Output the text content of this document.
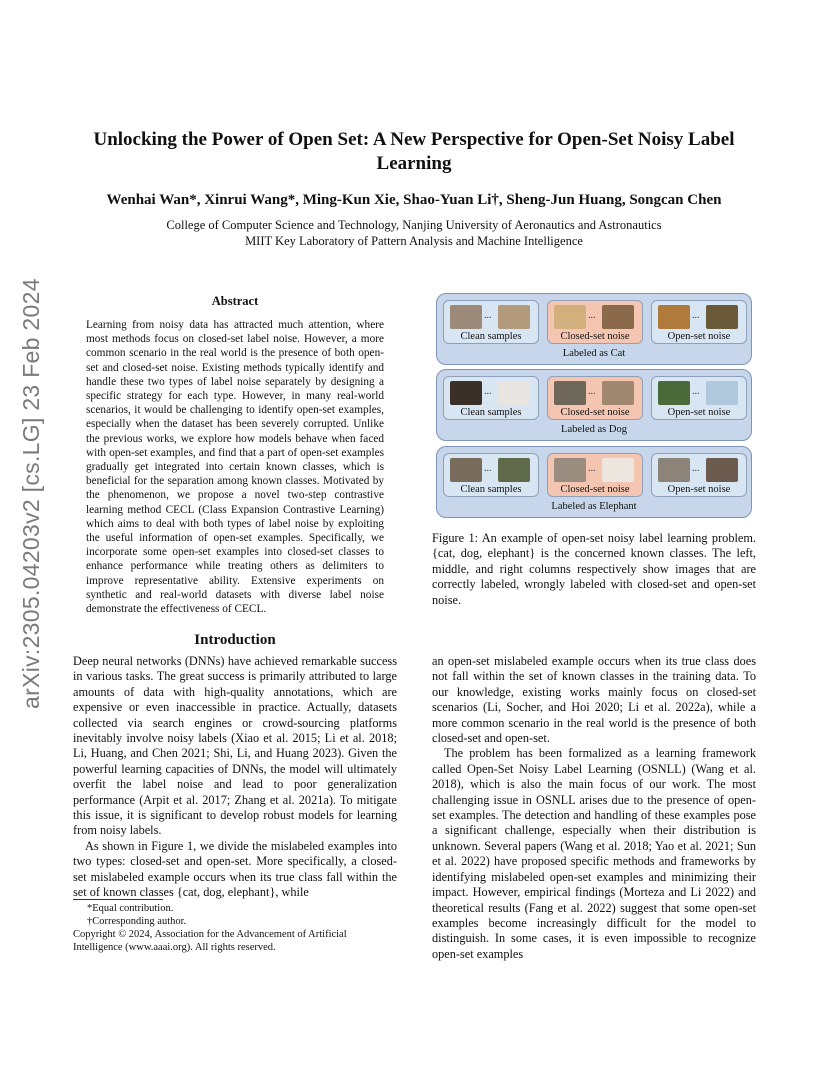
arXiv:2305.04203v2 [cs.LG] 23 Feb 2024
Unlocking the Power of Open Set: A New Perspective for Open-Set Noisy Label Learning
Wenhai Wan*, Xinrui Wang*, Ming-Kun Xie, Shao-Yuan Li†, Sheng-Jun Huang, Songcan Chen
College of Computer Science and Technology, Nanjing University of Aeronautics and Astronautics
MIIT Key Laboratory of Pattern Analysis and Machine Intelligence
Abstract
Learning from noisy data has attracted much attention, where most methods focus on closed-set label noise. However, a more common scenario in the real world is the presence of both open-set and closed-set noise. Existing methods typically identify and handle these two types of label noise separately by designing a specific strategy for each type. However, in many real-world scenarios, it would be challenging to identify open-set examples, especially when the dataset has been severely corrupted. Unlike the previous works, we explore how models behave when faced with open-set examples, and find that a part of open-set examples gradually get integrated into certain known classes, which is beneficial for the separation among known classes. Motivated by the phenomenon, we propose a novel two-step contrastive learning method CECL (Class Expansion Contrastive Learning) which aims to deal with both types of label noise by exploiting the useful information of open-set examples. Specifically, we incorporate some open-set examples into closed-set classes to enhance performance while treating others as delimiters to improve representative ability. Extensive experiments on synthetic and real-world datasets with diverse label noise demonstrate the effectiveness of CECL.
...
Clean samples
...
Closed-set noise
...
Open-set noise
Labeled as Cat
...
Clean samples
...
Closed-set noise
...
Open-set noise
Labeled as Dog
...
Clean samples
...
Closed-set noise
...
Open-set noise
Labeled as Elephant
Figure 1: An example of open-set noisy label learning problem. {cat, dog, elephant} is the concerned known classes. The left, middle, and right columns respectively show images that are correctly labeled, wrongly labeled with closed-set and open-set noise.
Introduction

Deep neural networks (DNNs) have achieved remarkable success in various tasks. The great success is primarily attributed to large amounts of data with high-quality annotations, which are expensive or even inaccessible in practice. Actually, datasets collected via search engines or crowd-sourcing platforms inevitably involve noisy labels (Xiao et al. 2015; Li et al. 2018; Li, Huang, and Chen 2021; Shi, Li, and Huang 2023). Given the powerful learning capacities of DNNs, the model will ultimately overfit the label noise and lead to poor generalization performance (Arpit et al. 2017; Zhang et al. 2021a). To mitigate this issue, it is significant to develop robust models for learning from noisy labels.

As shown in Figure 1, we divide the mislabeled examples into two types: closed-set and open-set. More specifically, a closed-set mislabeled example occurs when its true class fall within the set of known classes {cat, dog, elephant}, while

an open-set mislabeled example occurs when its true class does not fall within the set of known classes in the training data. To our knowledge, existing works mainly focus on closed-set scenarios (Li, Socher, and Hoi 2020; Li et al. 2022a), while a more common scenario in the real world is the presence of both closed-set and open-set.

The problem has been formalized as a learning framework called Open-Set Noisy Label Learning (OSNLL) (Wang et al. 2018), which is also the main focus of our work. The most challenging issue in OSNLL arises due to the presence of open-set examples. The detection and handling of these examples pose a significant challenge, especially when their distribution is unknown. Several papers (Wang et al. 2018; Yao et al. 2021; Sun et al. 2022) have proposed specific methods and frameworks by identifying mislabeled open-set examples and minimizing their impact. However, empirical findings (Morteza and Li 2022) and theoretical results (Fang et al. 2022) suggest that some open-set examples become increasingly difficult for the model to distinguish. In some cases, it is even impossible to recognize open-set examples

*Equal contribution.
†Corresponding author.
Copyright © 2024, Association for the Advancement of Artificial Intelligence (www.aaai.org). All rights reserved.
